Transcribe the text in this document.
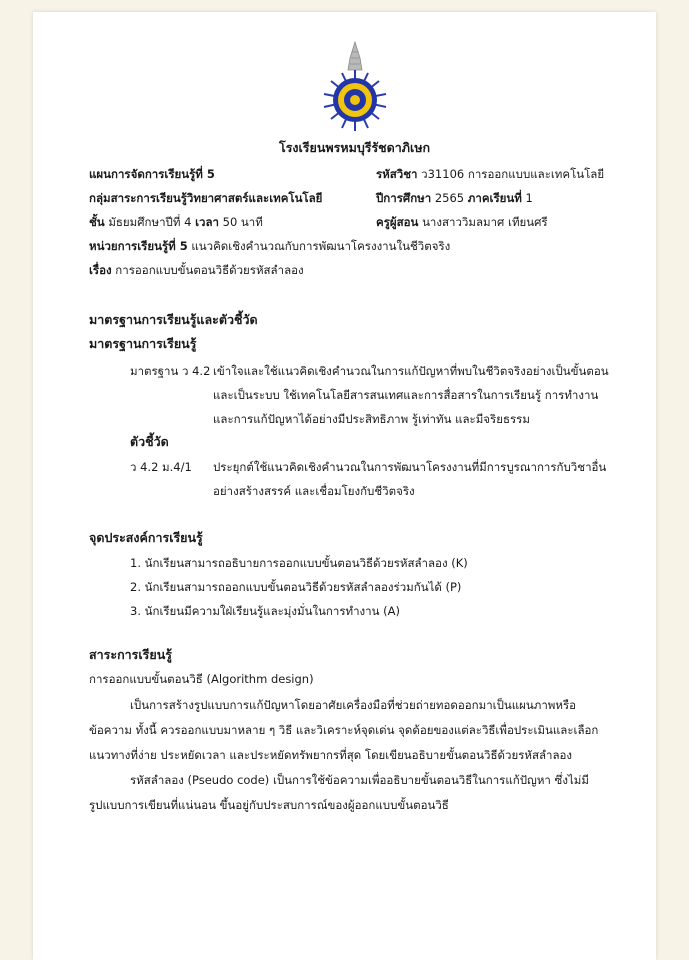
โรงเรียนพรหมบุรีรัชดาภิเษก
แผนการจัดการเรียนรู้ที่ 5	รหัสวิชา ว31106 การออกแบบและเทคโนโลยี
กลุ่มสาระการเรียนรู้วิทยาศาสตร์และเทคโนโลยี	ปีการศึกษา 2565 ภาคเรียนที่ 1
ชั้น มัธยมศึกษาปีที่ 4 เวลา 50 นาที	ครูผู้สอน นางสาววิมลมาศ เทียนศรี
หน่วยการเรียนรู้ที่ 5 แนวคิดเชิงคำนวณกับการพัฒนาโครงงานในชีวิตจริง
เรื่อง การออกแบบขั้นตอนวิธีด้วยรหัสลำลอง
มาตรฐานการเรียนรู้และตัวชี้วัด
มาตรฐานการเรียนรู้
มาตรฐาน ว 4.2 เข้าใจและใช้แนวคิดเชิงคำนวณในการแก้ปัญหาที่พบในชีวิตจริงอย่างเป็นขั้นตอน
และเป็นระบบ ใช้เทคโนโลยีสารสนเทศและการสื่อสารในการเรียนรู้ การทำงาน
และการแก้ปัญหาได้อย่างมีประสิทธิภาพ รู้เท่าทัน และมีจริยธรรม
ตัวชี้วัด
ว 4.2 ม.4/1 ประยุกต์ใช้แนวคิดเชิงคำนวณในการพัฒนาโครงงานที่มีการบูรณาการกับวิชาอื่น
อย่างสร้างสรรค์ และเชื่อมโยงกับชีวิตจริง
จุดประสงค์การเรียนรู้
1. นักเรียนสามารถอธิบายการออกแบบขั้นตอนวิธีด้วยรหัสลำลอง (K)
2. นักเรียนสามารถออกแบบขั้นตอนวิธีด้วยรหัสลำลองร่วมกันได้ (P)
3. นักเรียนมีความใฝ่เรียนรู้และมุ่งมั่นในการทำงาน (A)
สาระการเรียนรู้
การออกแบบขั้นตอนวิธี (Algorithm design)
เป็นการสร้างรูปแบบการแก้ปัญหาโดยอาศัยเครื่องมือที่ช่วยถ่ายทอดออกมาเป็นแผนภาพหรือ
ข้อความ ทั้งนี้ ควรออกแบบมาหลาย ๆ วิธี และวิเคราะห์จุดเด่น จุดด้อยของแต่ละวิธีเพื่อประเมินและเลือก
แนวทางที่ง่าย ประหยัดเวลา และประหยัดทรัพยากรที่สุด โดยเขียนอธิบายขั้นตอนวิธีด้วยรหัสลำลอง
รหัสลำลอง (Pseudo code) เป็นการใช้ข้อความเพื่ออธิบายขั้นตอนวิธีในการแก้ปัญหา ซึ่งไม่มี
รูปแบบการเขียนที่แน่นอน ขึ้นอยู่กับประสบการณ์ของผู้ออกแบบขั้นตอนวิธี
